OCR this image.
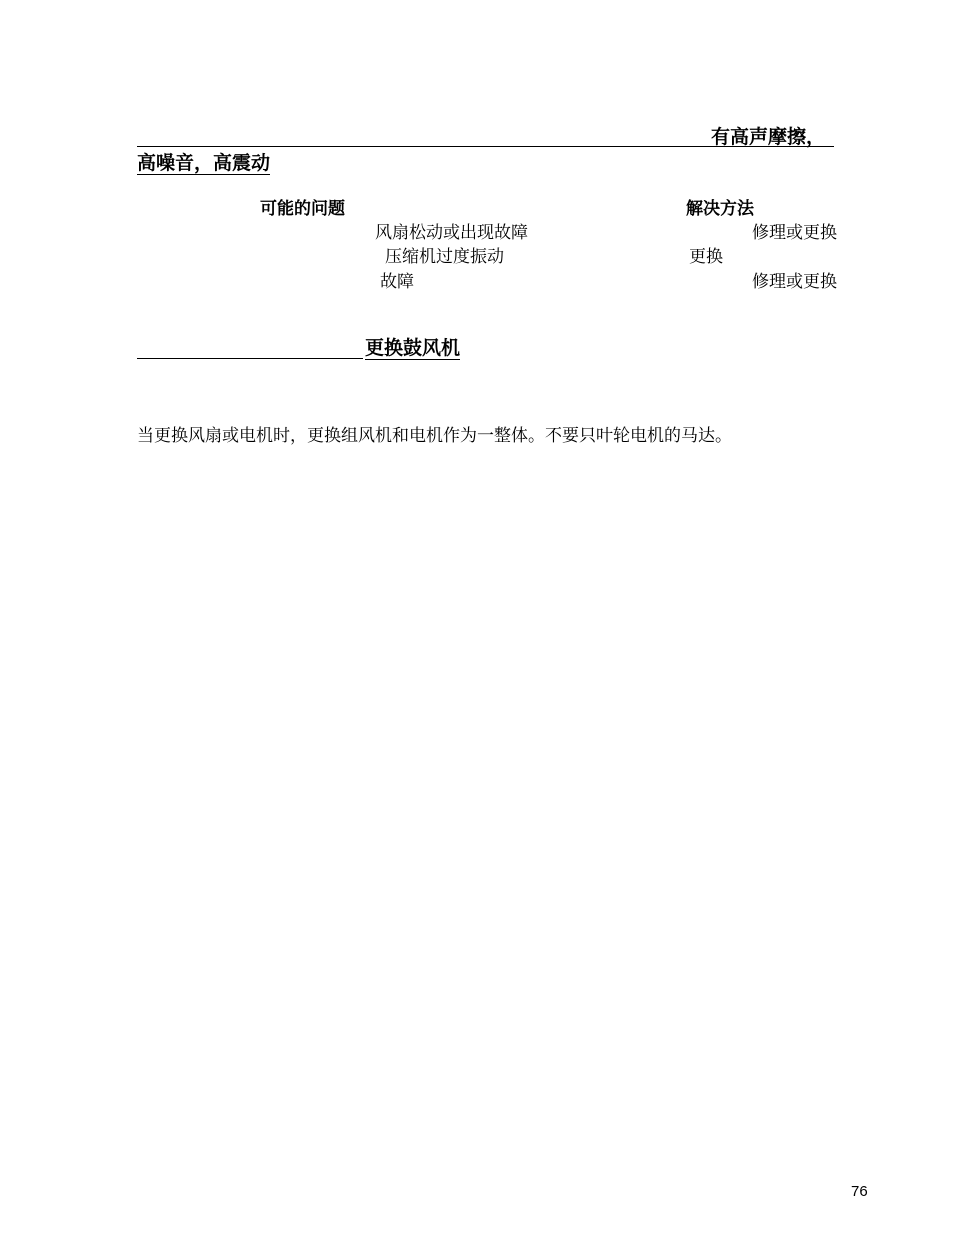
有高声摩擦，
高噪音，高震动
可能的问题	解决方法
风扇松动或出现故障	修理或更换
压缩机过度振动	更换
故障	修理或更换
更换鼓风机
当更换风扇或电机时，更换组风机和电机作为一整体。不要只叶轮电机的马达。
76
